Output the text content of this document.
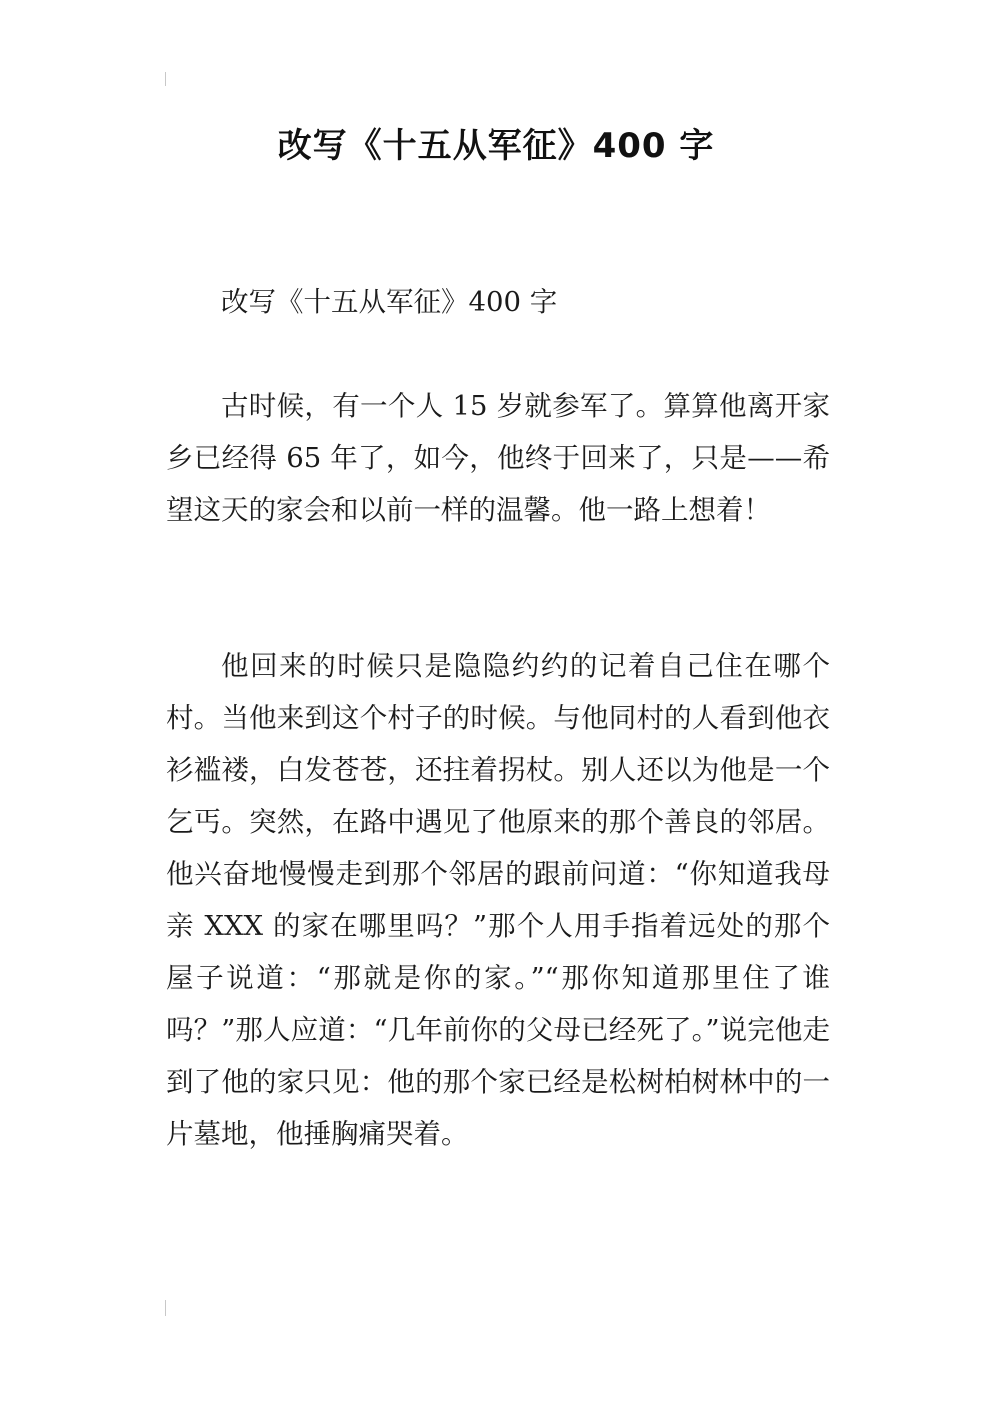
改写《十五从军征》400 字

改写《十五从军征》400 字

古时候，有一个人 15 岁就参军了。算算他离开家乡已经得 65 年了，如今，他终于回来了，只是——希望这天的家会和以前一样的温馨。他一路上想着！

他回来的时候只是隐隐约约的记着自己住在哪个村。当他来到这个村子的时候。与他同村的人看到他衣衫褴褛，白发苍苍，还拄着拐杖。别人还以为他是一个乞丐。突然，在路中遇见了他原来的那个善良的邻居。他兴奋地慢慢走到那个邻居的跟前问道：“你知道我母亲 XXX 的家在哪里吗？”那个人用手指着远处的那个屋子说道：“那就是你的家。”“那你知道那里住了谁吗？”那人应道：“几年前你的父母已经死了。”说完他走到了他的家只见：他的那个家已经是松树柏树林中的一片墓地，他捶胸痛哭着。
